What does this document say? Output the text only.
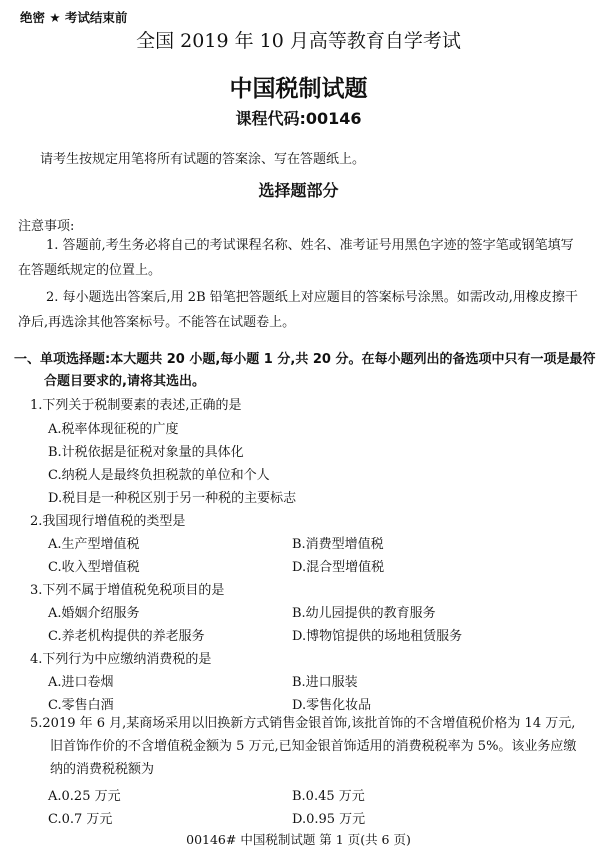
绝密 ★ 考试结束前
全国 2019 年 10 月高等教育自学考试
中国税制试题
课程代码:00146
请考生按规定用笔将所有试题的答案涂、写在答题纸上。
选择题部分
注意事项:
1. 答题前,考生务必将自己的考试课程名称、姓名、准考证号用黑色字迹的签字笔或钢笔填写在答题纸规定的位置上。
2. 每小题选出答案后,用 2B 铅笔把答题纸上对应题目的答案标号涂黑。如需改动,用橡皮擦干净后,再选涂其他答案标号。不能答在试题卷上。
一、单项选择题:本大题共 20 小题,每小题 1 分,共 20 分。在每小题列出的备选项中只有一项是最符合题目要求的,请将其选出。
1.下列关于税制要素的表述,正确的是
A.税率体现征税的广度
B.计税依据是征税对象量的具体化
C.纳税人是最终负担税款的单位和个人
D.税目是一种税区别于另一种税的主要标志
2.我国现行增值税的类型是
A.生产型增值税	B.消费型增值税
C.收入型增值税	D.混合型增值税
3.下列不属于增值税免税项目的是
A.婚姻介绍服务	B.幼儿园提供的教育服务
C.养老机构提供的养老服务	D.博物馆提供的场地租赁服务
4.下列行为中应缴纳消费税的是
A.进口卷烟	B.进口服装
C.零售白酒	D.零售化妆品
5.2019 年 6 月,某商场采用以旧换新方式销售金银首饰,该批首饰的不含增值税价格为 14 万元,旧首饰作价的不含增值税金额为 5 万元,已知金银首饰适用的消费税税率为 5%。该业务应缴纳的消费税税额为
A.0.25 万元	B.0.45 万元
C.0.7 万元	D.0.95 万元
00146# 中国税制试题 第 1 页(共 6 页)
